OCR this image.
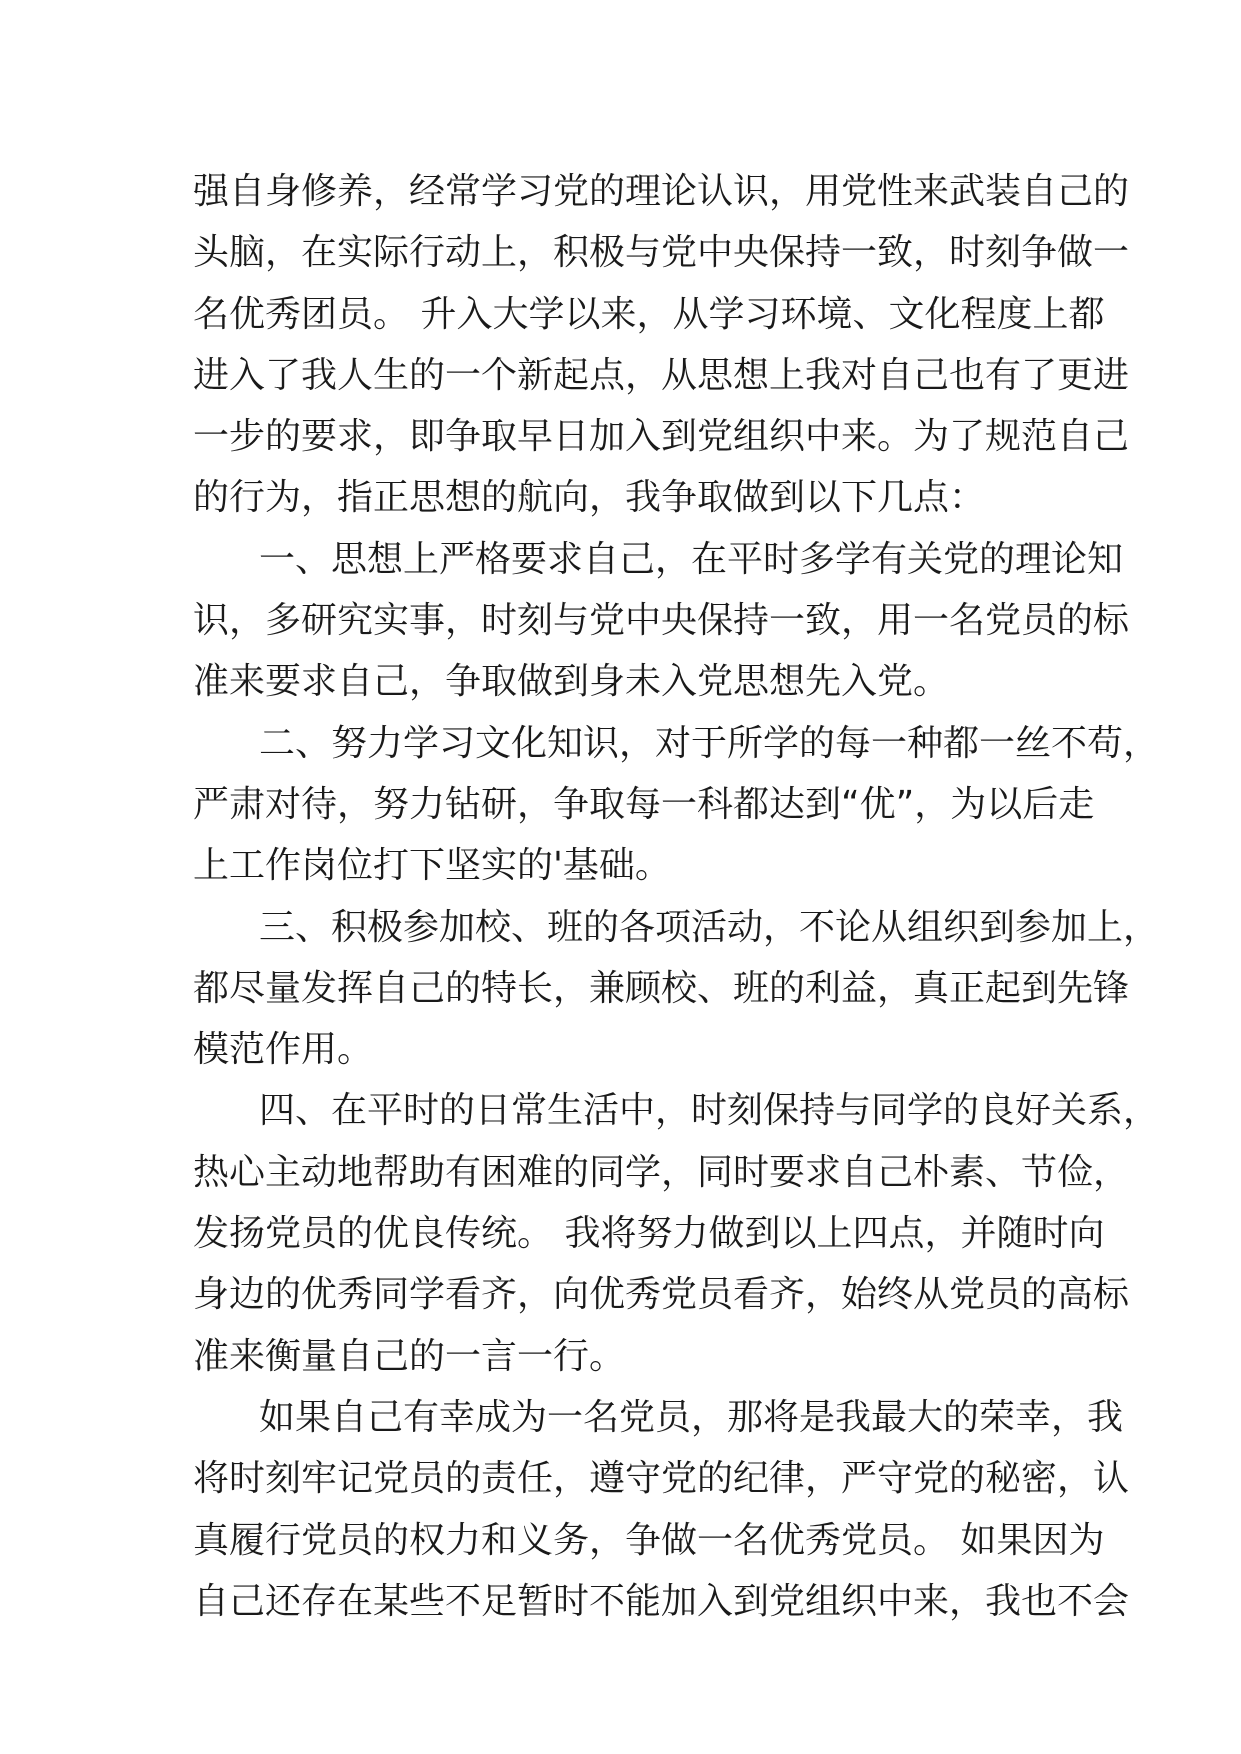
强自身修养，经常学习党的理论认识，用党性来武装自己的
头脑，在实际行动上，积极与党中央保持一致，时刻争做一
名优秀团员。 升入大学以来，从学习环境、文化程度上都
进入了我人生的一个新起点，从思想上我对自己也有了更进
一步的要求，即争取早日加入到党组织中来。为了规范自己
的行为，指正思想的航向，我争取做到以下几点：
一、思想上严格要求自己，在平时多学有关党的理论知
识，多研究实事，时刻与党中央保持一致，用一名党员的标
准来要求自己，争取做到身未入党思想先入党。
二、努力学习文化知识，对于所学的每一种都一丝不苟，
严肃对待，努力钻研，争取每一科都达到“优”，为以后走
上工作岗位打下坚实的'基础。
三、积极参加校、班的各项活动，不论从组织到参加上，
都尽量发挥自己的特长，兼顾校、班的利益，真正起到先锋
模范作用。
四、在平时的日常生活中，时刻保持与同学的良好关系，
热心主动地帮助有困难的同学，同时要求自己朴素、节俭，
发扬党员的优良传统。 我将努力做到以上四点，并随时向
身边的优秀同学看齐，向优秀党员看齐，始终从党员的高标
准来衡量自己的一言一行。
如果自己有幸成为一名党员，那将是我最大的荣幸，我
将时刻牢记党员的责任，遵守党的纪律，严守党的秘密，认
真履行党员的权力和义务，争做一名优秀党员。 如果因为
自己还存在某些不足暂时不能加入到党组织中来，我也不会
